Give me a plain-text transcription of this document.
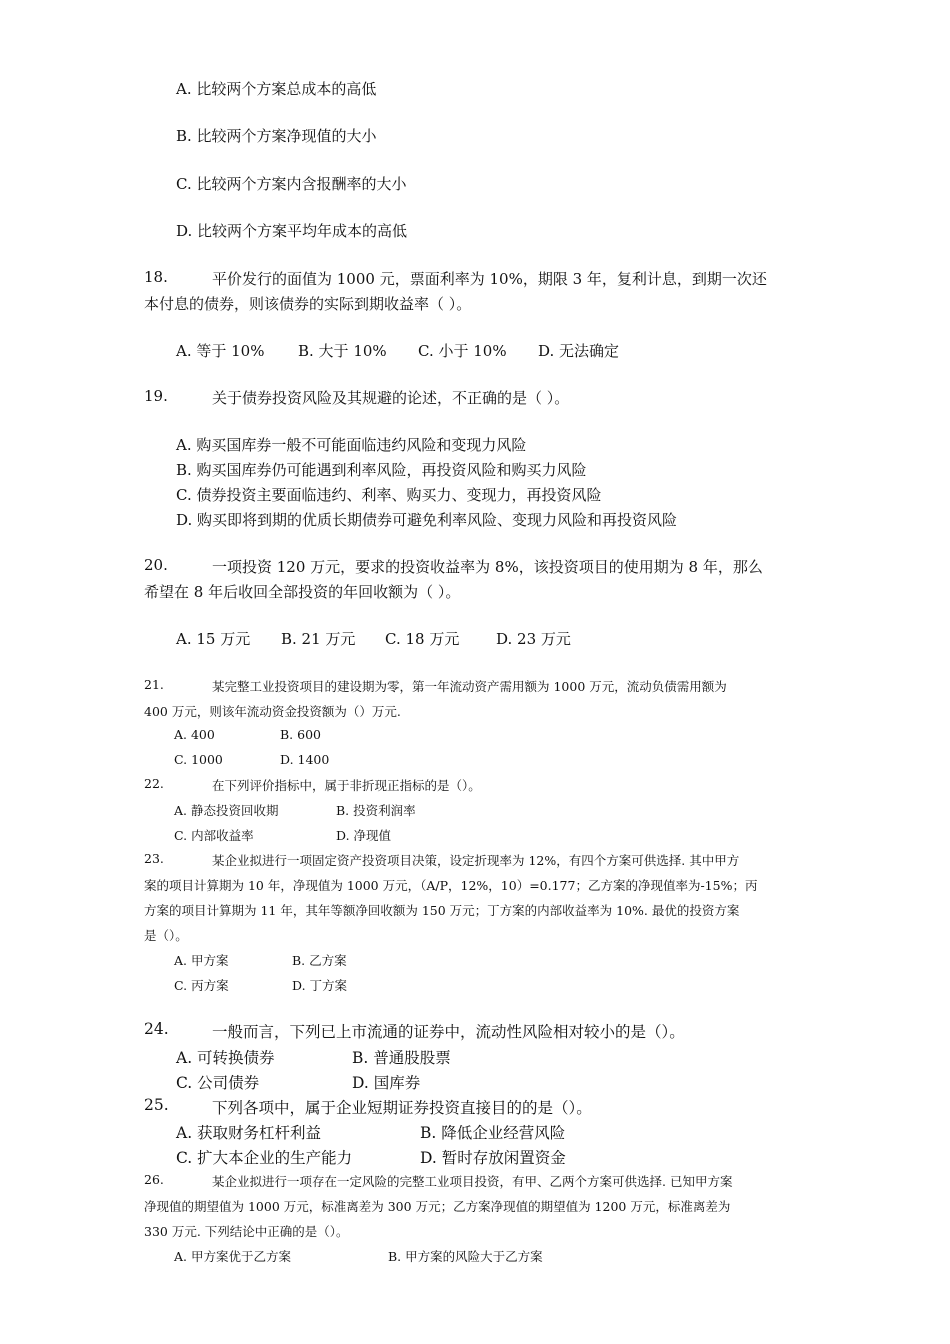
A. 比较两个方案总成本的高低
B. 比较两个方案净现值的大小
C. 比较两个方案内含报酬率的大小
D. 比较两个方案平均年成本的高低
18.	平价发行的面值为 1000 元，票面利率为 10%，期限 3 年，复利计息，到期一次还
本付息的债券，则该债券的实际到期收益率（ ）。
A. 等于 10% B. 大于 10% C. 小于 10% D. 无法确定
19.	关于债券投资风险及其规避的论述，不正确的是（ ）。
A. 购买国库券一般不可能面临违约风险和变现力风险
B. 购买国库券仍可能遇到利率风险，再投资风险和购买力风险
C. 债券投资主要面临违约、利率、购买力、变现力，再投资风险
D. 购买即将到期的优质长期债券可避免利率风险、变现力风险和再投资风险
20.	一项投资 120 万元，要求的投资收益率为 8%，该投资项目的使用期为 8 年，那么
希望在 8 年后收回全部投资的年回收额为（ ）。
A. 15 万元 B. 21 万元 C. 18 万元 D. 23 万元
21.	某完整工业投资项目的建设期为零，第一年流动资产需用额为 1000 万元，流动负债需用额为
400 万元，则该年流动资金投资额为（）万元.
A. 400	B. 600
C. 1000	D. 1400
22.	在下列评价指标中，属于非折现正指标的是（）。
A. 静态投资回收期	B. 投资利润率
C. 内部收益率	D. 净现值
23.	某企业拟进行一项固定资产投资项目决策，设定折现率为 12%，有四个方案可供选择. 其中甲方
案的项目计算期为 10 年，净现值为 1000 万元，（A/P，12%，10）=0.177；乙方案的净现值率为-15%；丙
方案的项目计算期为 11 年，其年等额净回收额为 150 万元；丁方案的内部收益率为 10%. 最优的投资方案
是（）。
A. 甲方案	B. 乙方案
C. 丙方案	D. 丁方案
24.	一般而言，下列已上市流通的证券中，流动性风险相对较小的是（）。
A. 可转换债券	B. 普通股股票
C. 公司债券	D. 国库券
25.	下列各项中，属于企业短期证券投资直接目的的是（）。
A. 获取财务杠杆利益	B. 降低企业经营风险
C. 扩大本企业的生产能力	D. 暂时存放闲置资金
26.	某企业拟进行一项存在一定风险的完整工业项目投资，有甲、乙两个方案可供选择. 已知甲方案
净现值的期望值为 1000 万元，标准离差为 300 万元；乙方案净现值的期望值为 1200 万元，标准离差为
330 万元. 下列结论中正确的是（）。
A. 甲方案优于乙方案	B. 甲方案的风险大于乙方案
